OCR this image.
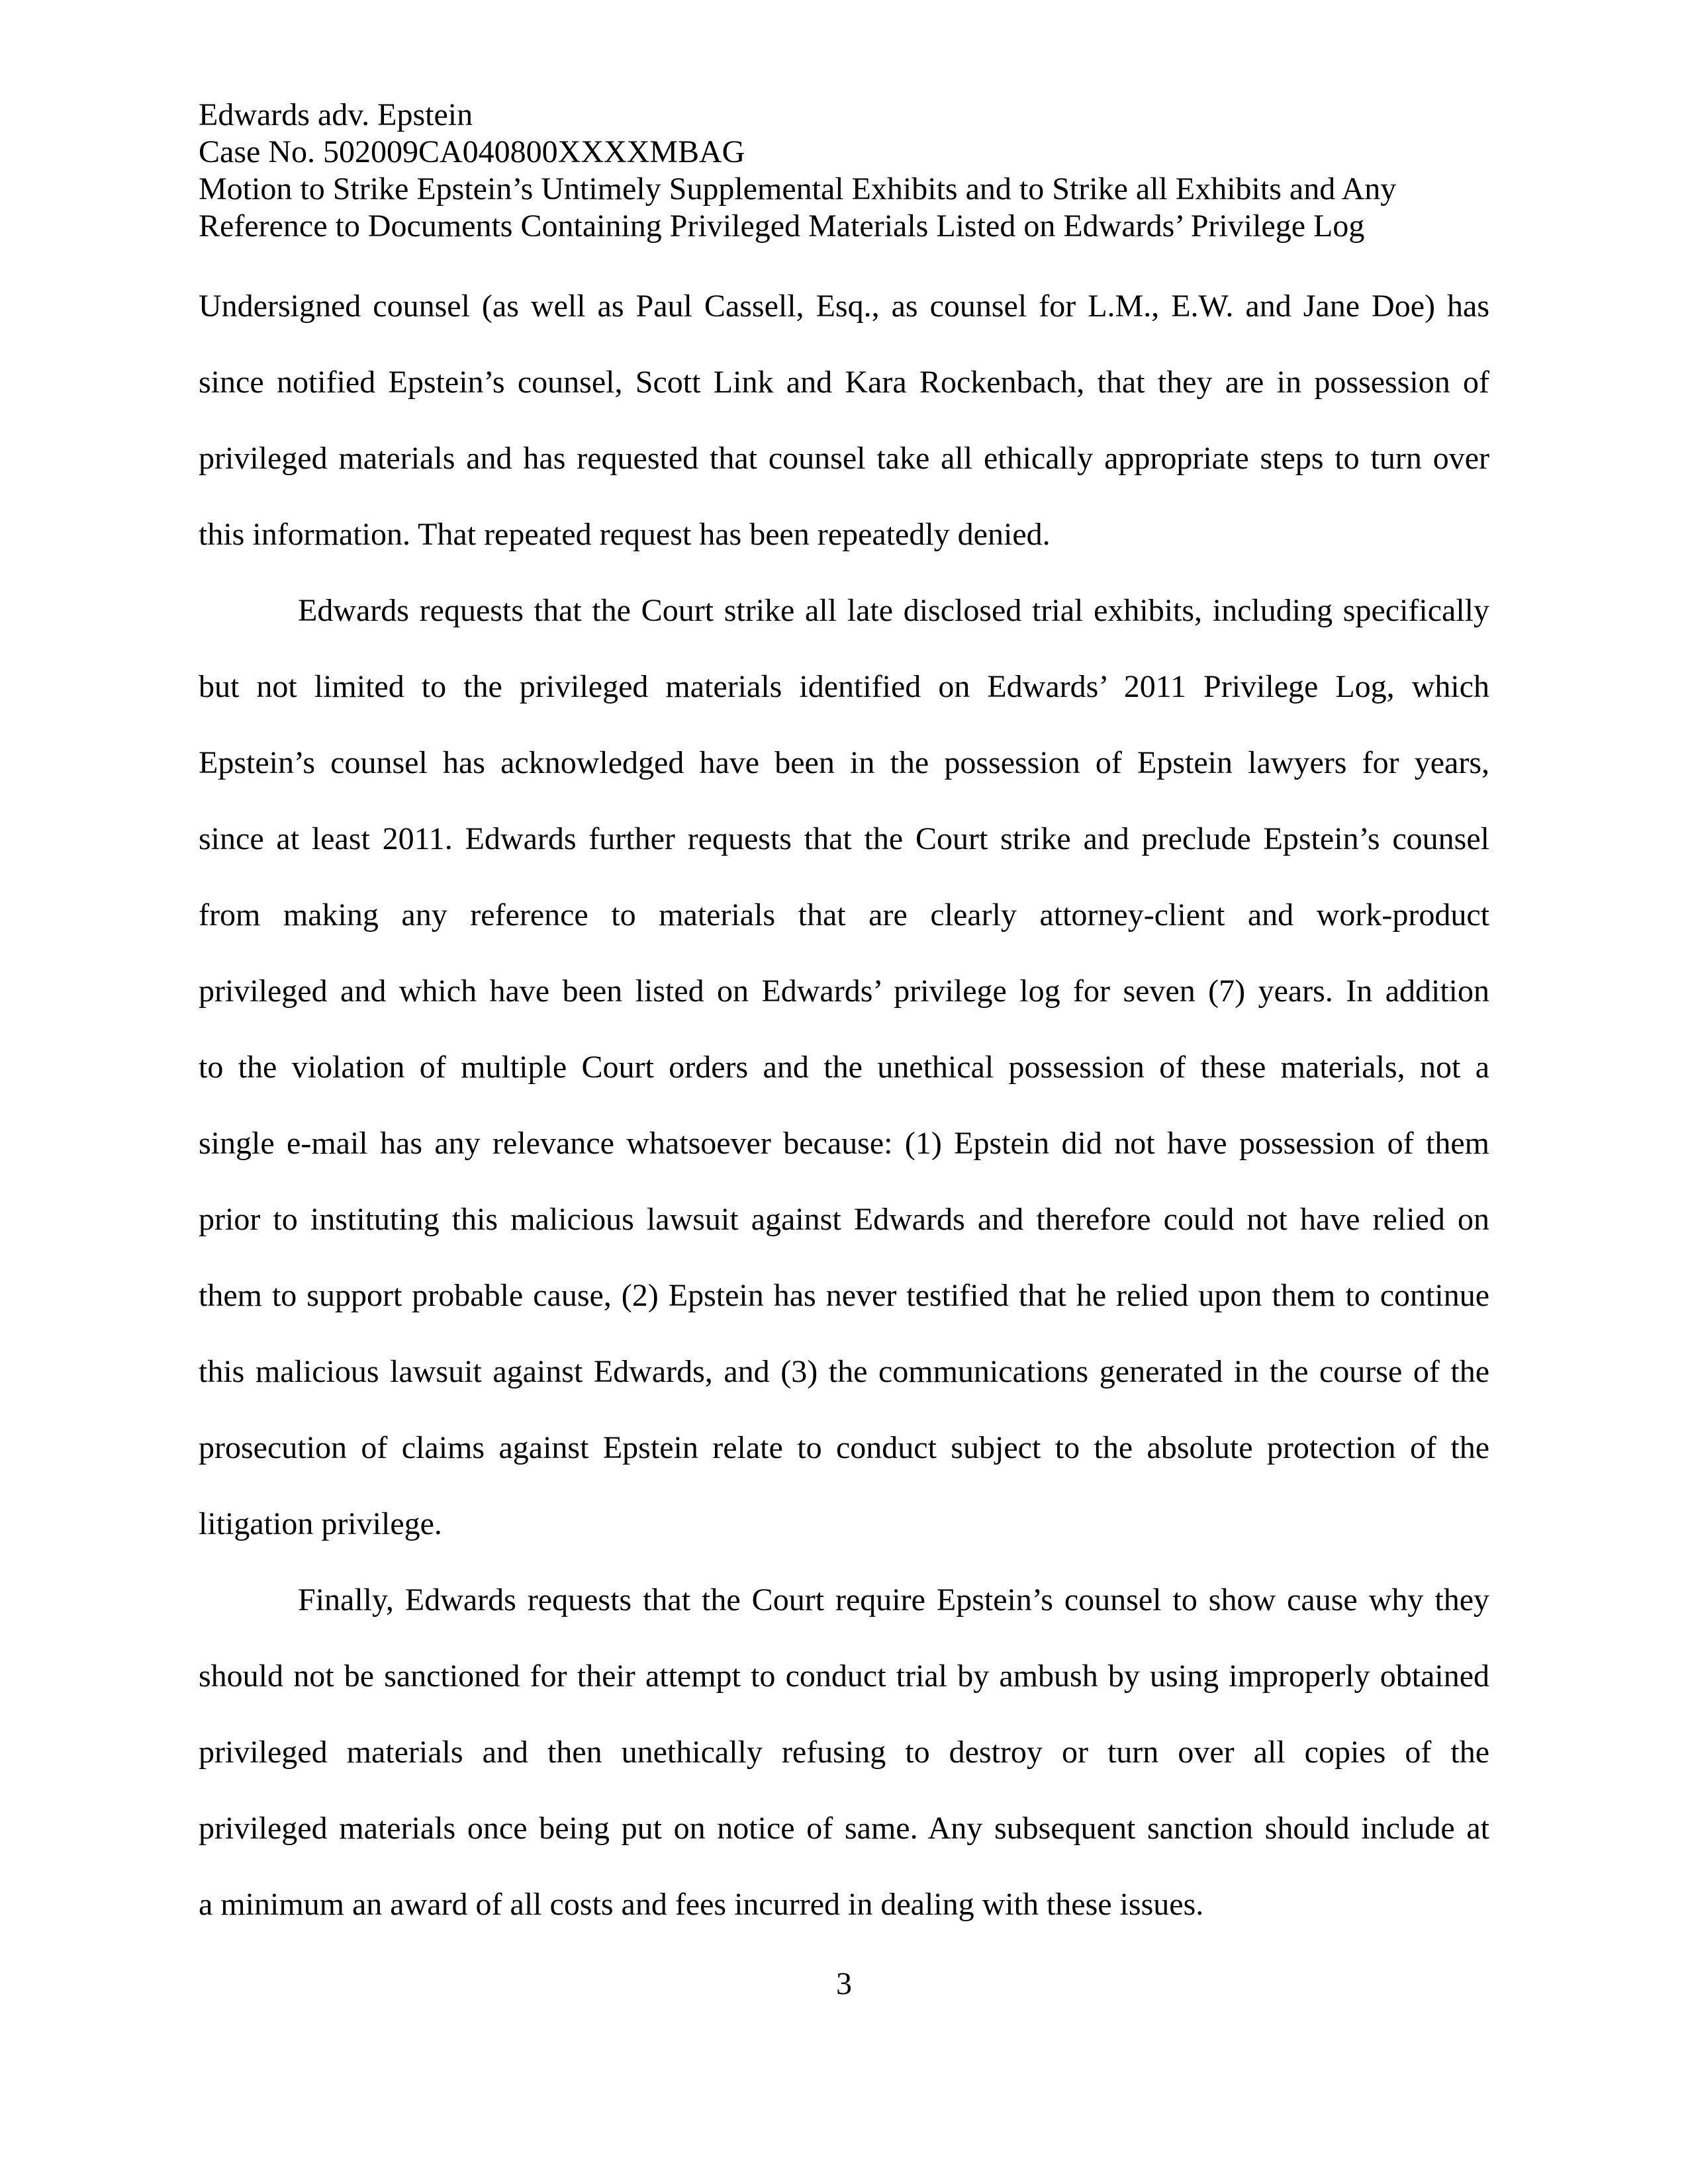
Edwards adv. Epstein
Case No. 502009CA040800XXXXMBAG
Motion to Strike Epstein’s Untimely Supplemental Exhibits and to Strike all Exhibits and Any
Reference to Documents Containing Privileged Materials Listed on Edwards’ Privilege Log
Undersigned counsel (as well as Paul Cassell, Esq., as counsel for L.M., E.W. and Jane Doe) has
since notified Epstein’s counsel, Scott Link and Kara Rockenbach, that they are in possession of
privileged materials and has requested that counsel take all ethically appropriate steps to turn over
this information. That repeated request has been repeatedly denied.
Edwards requests that the Court strike all late disclosed trial exhibits, including specifically
but not limited to the privileged materials identified on Edwards’ 2011 Privilege Log, which
Epstein’s counsel has acknowledged have been in the possession of Epstein lawyers for years,
since at least 2011. Edwards further requests that the Court strike and preclude Epstein’s counsel
from making any reference to materials that are clearly attorney-client and work-product
privileged and which have been listed on Edwards’ privilege log for seven (7) years. In addition
to the violation of multiple Court orders and the unethical possession of these materials, not a
single e-mail has any relevance whatsoever because: (1) Epstein did not have possession of them
prior to instituting this malicious lawsuit against Edwards and therefore could not have relied on
them to support probable cause, (2) Epstein has never testified that he relied upon them to continue
this malicious lawsuit against Edwards, and (3) the communications generated in the course of the
prosecution of claims against Epstein relate to conduct subject to the absolute protection of the
litigation privilege.
Finally, Edwards requests that the Court require Epstein’s counsel to show cause why they
should not be sanctioned for their attempt to conduct trial by ambush by using improperly obtained
privileged materials and then unethically refusing to destroy or turn over all copies of the
privileged materials once being put on notice of same. Any subsequent sanction should include at
a minimum an award of all costs and fees incurred in dealing with these issues.
3
